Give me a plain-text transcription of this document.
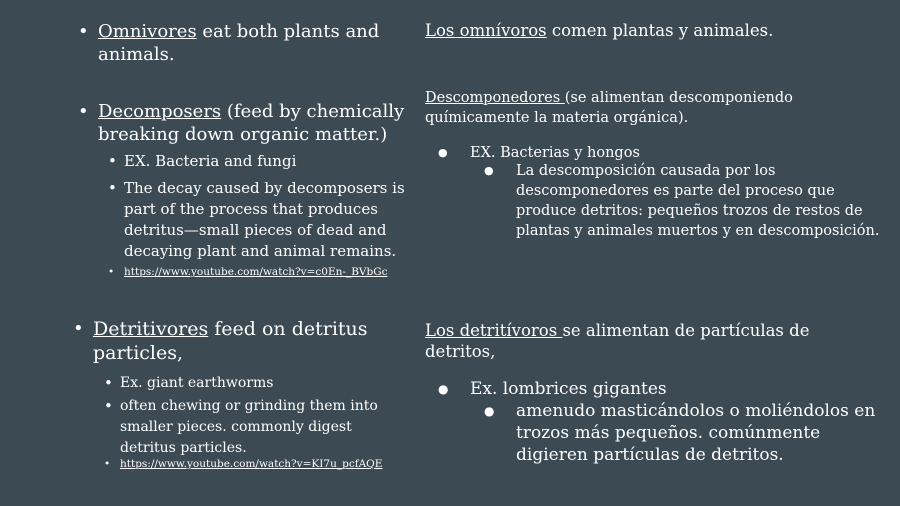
• Omnivores eat both plants and animals.
• Decomposers (feed by chemically breaking down organic matter.)
• EX. Bacteria and fungi
• The decay caused by decomposers is part of the process that produces detritus—small pieces of dead and decaying plant and animal remains.
• https://www.youtube.com/watch?v=c0En-_BVbGc
• Detritivores feed on detritus particles,
• Ex. giant earthworms
• often chewing or grinding them into smaller pieces. commonly digest detritus particles.
• https://www.youtube.com/watch?v=KI7u_pcfAQE
Los omnívoros comen plantas y animales.
Descomponedores (se alimentan descomponiendo químicamente la materia orgánica).
●	EX. Bacterias y hongos
●	La descomposición causada por los descomponedores es parte del proceso que produce detritos: pequeños trozos de restos de plantas y animales muertos y en descomposición.
Los detritívoros se alimentan de partículas de detritos,
●	Ex. lombrices gigantes
●	amenudo masticándolos o moliéndolos en trozos más pequeños. comúnmente digieren partículas de detritos.
